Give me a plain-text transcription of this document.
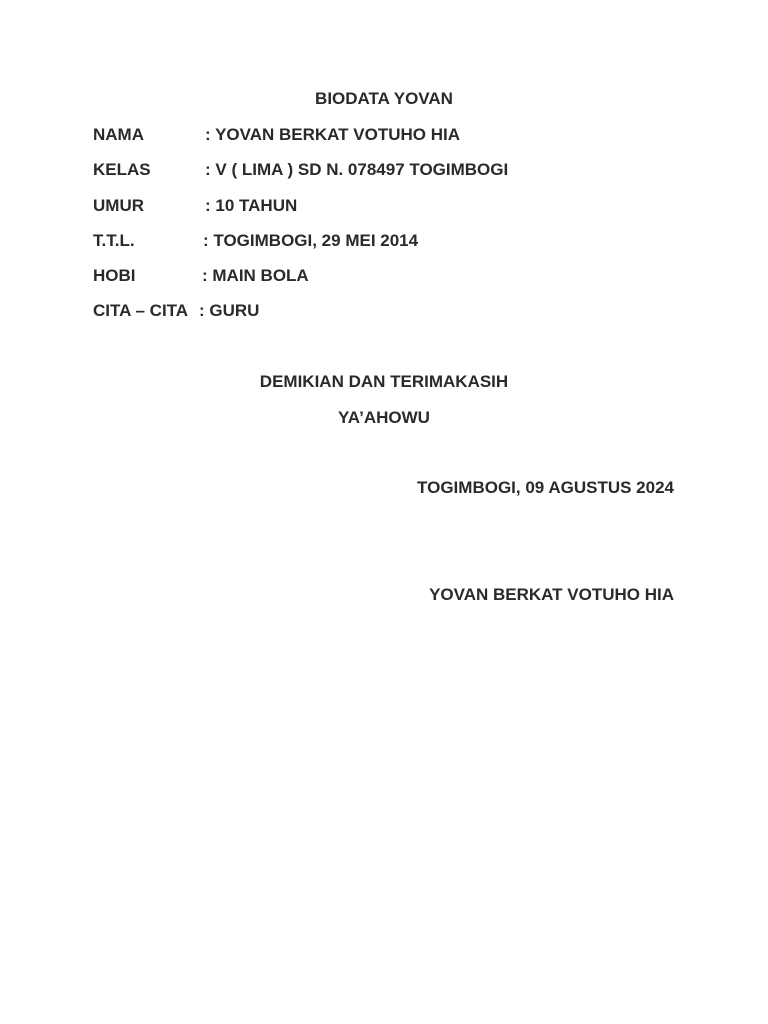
BIODATA YOVAN
NAMA	: YOVAN BERKAT VOTUHO HIA
KELAS	: V ( LIMA ) SD N. 078497 TOGIMBOGI
UMUR	: 10 TAHUN
T.T.L.	: TOGIMBOGI, 29 MEI 2014
HOBI	: MAIN BOLA
CITA – CITA : GURU
DEMIKIAN DAN TERIMAKASIH
YA’AHOWU
TOGIMBOGI, 09 AGUSTUS 2024
YOVAN BERKAT VOTUHO HIA
